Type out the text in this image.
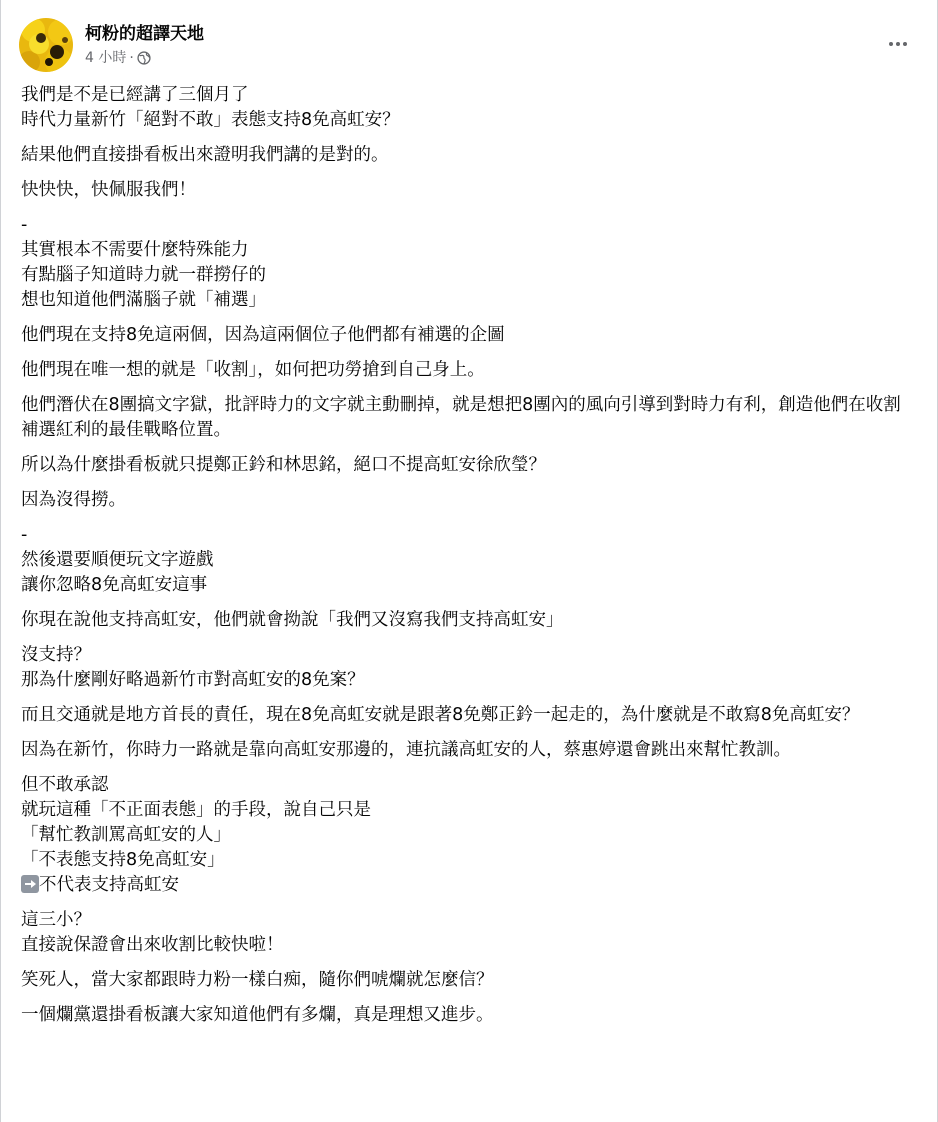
柯粉的超譯天地
4 小時 ·
我們是不是已經講了三個月了
時代力量新竹「絕對不敢」表態支持8免高虹安？
結果他們直接掛看板出來證明我們講的是對的。
快快快，快佩服我們！
-
其實根本不需要什麼特殊能力
有點腦子知道時力就一群撈仔的
想也知道他們滿腦子就「補選」
他們現在支持8免這兩個，因為這兩個位子他們都有補選的企圖
他們現在唯一想的就是「收割」，如何把功勞搶到自己身上。
他們潛伏在8團搞文字獄，批評時力的文字就主動刪掉，就是想把8團內的風向引導到對時力有利，創造他們在收割補選紅利的最佳戰略位置。
所以為什麼掛看板就只提鄭正鈐和林思銘，絕口不提高虹安徐欣瑩？
因為沒得撈。
-
然後還要順便玩文字遊戲
讓你忽略8免高虹安這事
你現在說他支持高虹安，他們就會拗說「我們又沒寫我們支持高虹安」
沒支持？
那為什麼剛好略過新竹市對高虹安的8免案？
而且交通就是地方首長的責任，現在8免高虹安就是跟著8免鄭正鈐一起走的，為什麼就是不敢寫8免高虹安？
因為在新竹，你時力一路就是靠向高虹安那邊的，連抗議高虹安的人，蔡惠婷還會跳出來幫忙教訓。
但不敢承認
就玩這種「不正面表態」的手段，說自己只是
「幫忙教訓罵高虹安的人」
「不表態支持8免高虹安」
不代表支持高虹安
這三小？
直接說保證會出來收割比較快啦！
笑死人，當大家都跟時力粉一樣白痴，隨你們唬爛就怎麼信？
一個爛黨還掛看板讓大家知道他們有多爛，真是理想又進步。
